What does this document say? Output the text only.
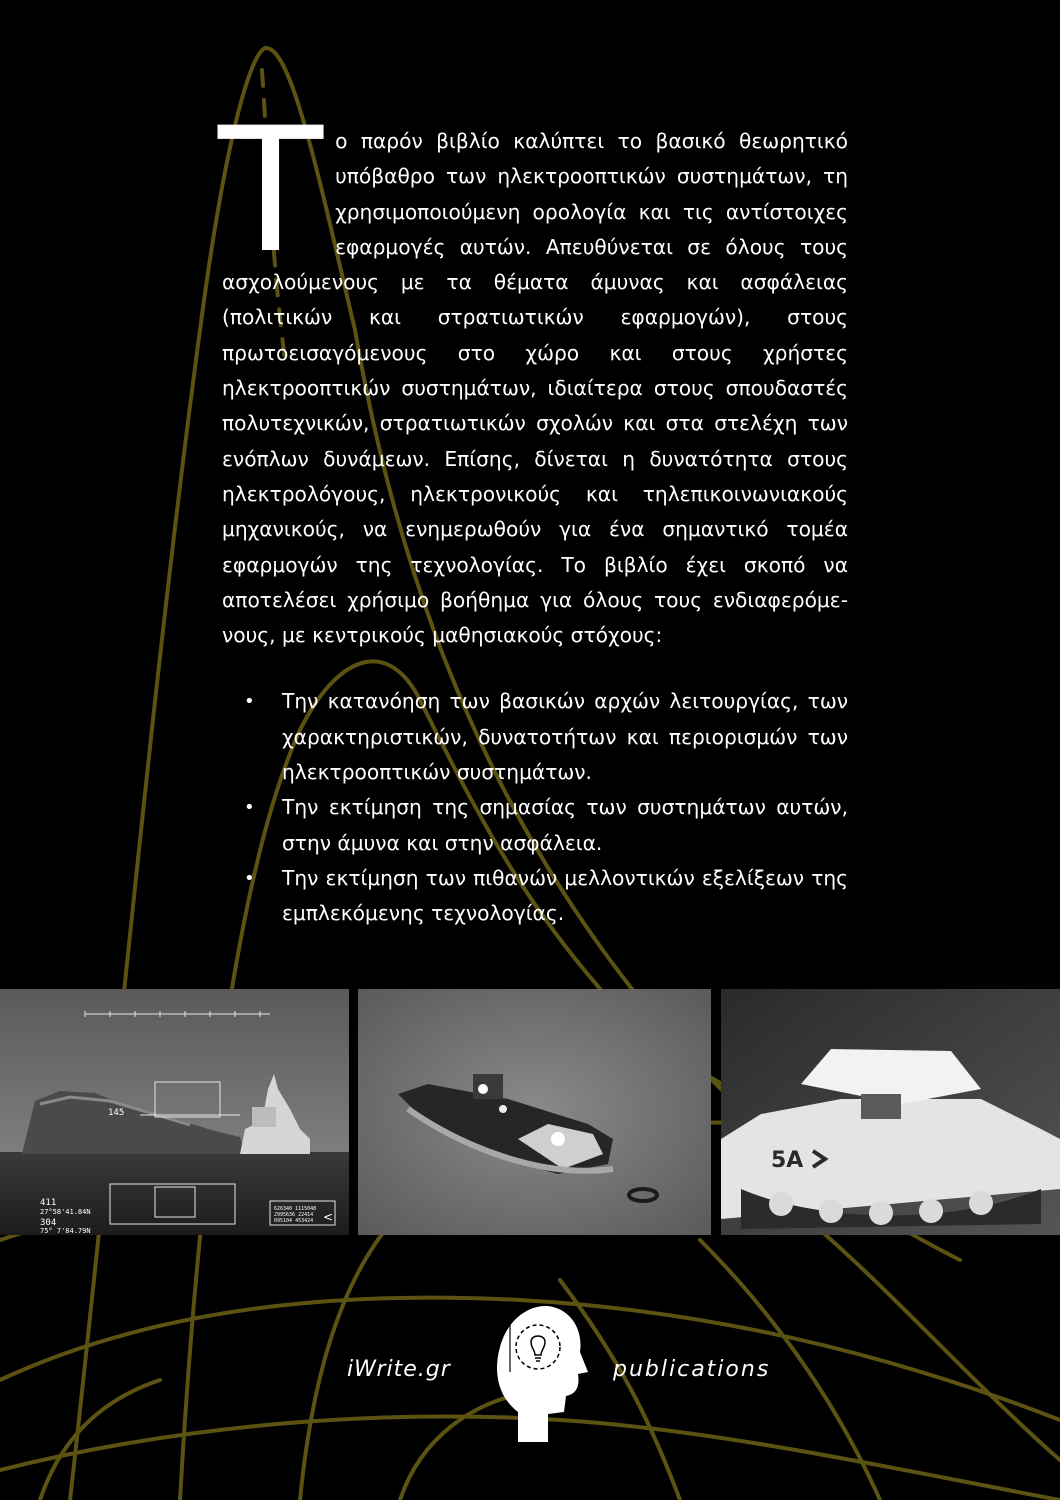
Τ ο παρόν βιβλίο καλύπτει το βασικό θεωρητικό υπόβαθρο των ηλεκτροοπτικών συστημάτων, τη χρησιμοποιούμενη ορολογία και τις αντίστοιχες εφαρμογές αυτών. Απευθύνεται σε όλους τους ασχολούμενους με τα θέματα άμυνας και ασφάλειας (πολιτικών και στρατιωτικών εφαρμογών), στους πρωτοεισαγόμενους στο χώρο και στους χρήστες ηλεκτροοπτικών συστημάτων, ιδιαίτερα στους σπουδαστές πολυτεχνικών, στρατιωτικών σχολών και στα στελέχη των ενόπλων δυνάμεων. Επίσης, δίνεται η δυνατότητα στους ηλεκτρολόγους, ηλεκτρονικούς και τηλεπικοινωνιακούς μηχανικούς, να ενημερωθούν για ένα σημαντικό τομέα εφαρμογών της τεχνολογίας. Το βιβλίο έχει σκοπό να αποτελέσει χρήσιμο βοήθημα για όλους τους ενδιαφερόμενους, με κεντρικούς μαθησιακούς στόχους:

• Την κατανόηση των βασικών αρχών λειτουργίας, των χαρακτηριστικών, δυνατοτήτων και περιορισμών των ηλεκτροοπτικών συστημάτων.
• Την εκτίμηση της σημασίας των συστημάτων αυτών, στην άμυνα και στην ασφάλεια.
• Την εκτίμηση των πιθανών μελλοντικών εξελίξεων της εμπλεκόμενης τεχνολογίας.
145
411
27°58'41.84N
304
75° 7'84.79N
626340 1115048
2995636 22414
095104 453424 <
5A
iWrite.gr	publications
